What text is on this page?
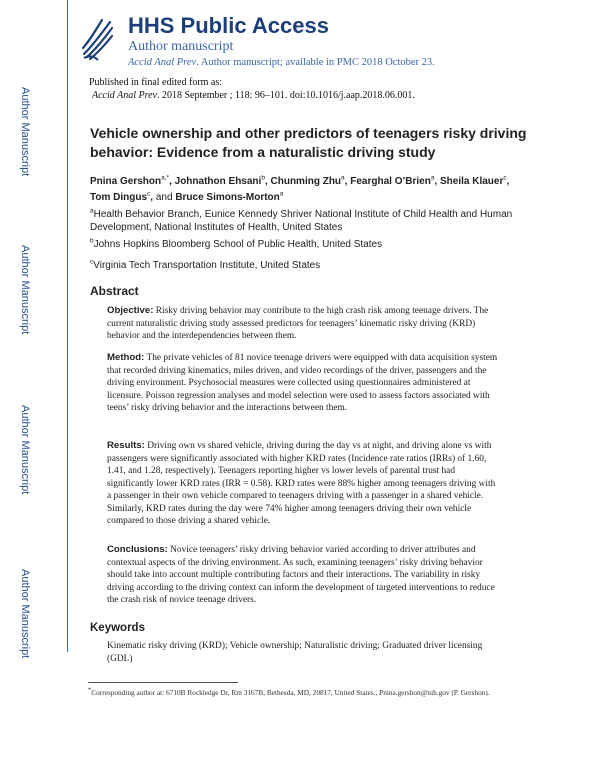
Author Manuscript
Author Manuscript
Author Manuscript
Author Manuscript
HHS Public Access
Author manuscript
Accid Anal Prev. Author manuscript; available in PMC 2018 October 23.
Published in final edited form as:
Accid Anal Prev. 2018 September ; 118: 96–101. doi:10.1016/j.aap.2018.06.001.
Vehicle ownership and other predictors of teenagers risky driving behavior: Evidence from a naturalistic driving study
Pnina Gershon$^{a,*}$, Johnathon Ehsani$^b$, Chunming Zhu$^a$, Fearghal O’Brien$^a$, Sheila Klauer$^c$,
Tom Dingus$^c$, and Bruce Simons-Morton$^a$
$^a$Health Behavior Branch, Eunice Kennedy Shriver National Institute of Child Health and Human Development, National Institutes of Health, United States
$^b$Johns Hopkins Bloomberg School of Public Health, United States
$^c$Virginia Tech Transportation Institute, United States
Abstract
Objective: Risky driving behavior may contribute to the high crash risk among teenage drivers. The current naturalistic driving study assessed predictors for teenagers’ kinematic risky driving (KRD) behavior and the interdependencies between them.
Method: The private vehicles of 81 novice teenage drivers were equipped with data acquisition system that recorded driving kinematics, miles driven, and video recordings of the driver, passengers and the driving environment. Psychosocial measures were collected using questionnaires administered at licensure. Poisson regression analyses and model selection were used to assess factors associated with teens’ risky driving behavior and the interactions between them.
Results: Driving own vs shared vehicle, driving during the day vs at night, and driving alone vs with passengers were significantly associated with higher KRD rates (Incidence rate ratios (IRRs) of 1.60, 1.41, and 1.28, respectively). Teenagers reporting higher vs lower levels of parental trust had significantly lower KRD rates (IRR = 0.58). KRD rates were 88% higher among teenagers driving with a passenger in their own vehicle compared to teenagers driving with a passenger in a shared vehicle. Similarly, KRD rates during the day were 74% higher among teenagers driving their own vehicle compared to those driving a shared vehicle.
Conclusions: Novice teenagers’ risky driving behavior varied according to driver attributes and contextual aspects of the driving environment. As such, examining teenagers’ risky driving behavior should take into account multiple contributing factors and their interactions. The variability in risky driving according to the driving context can inform the development of targeted interventions to reduce the crash risk of novice teenage drivers.
Keywords
Kinematic risky driving (KRD); Vehicle ownership; Naturalistic driving; Graduated driver licensing (GDL)
*Corresponding author at: 6710B Rockledge Dr, Rm 3167B, Bethesda, MD, 20817, United States., Pnina.gershon@nih.gov (P. Gershon).
